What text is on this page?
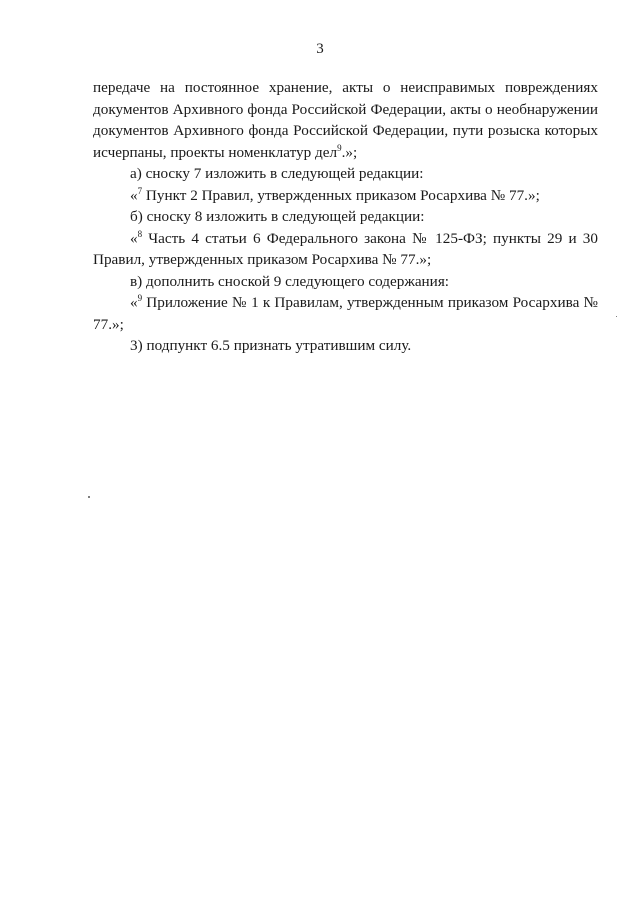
3

передаче на постоянное хранение, акты о неисправимых повреждениях документов Архивного фонда Российской Федерации, акты о необнаружении документов Архивного фонда Российской Федерации, пути розыска которых исчерпаны, проекты номенклатур дел$^9$.»;

а) сноску 7 изложить в следующей редакции:

«$^7$ Пункт 2 Правил, утвержденных приказом Росархива № 77.»;

б) сноску 8 изложить в следующей редакции:

«$^8$ Часть 4 статьи 6 Федерального закона № 125-ФЗ; пункты 29 и 30 Правил, утвержденных приказом Росархива № 77.»;

в) дополнить сноской 9 следующего содержания:

«$^9$ Приложение № 1 к Правилам, утвержденным приказом Росархива № 77.»;

3) подпункт 6.5 признать утратившим силу.
